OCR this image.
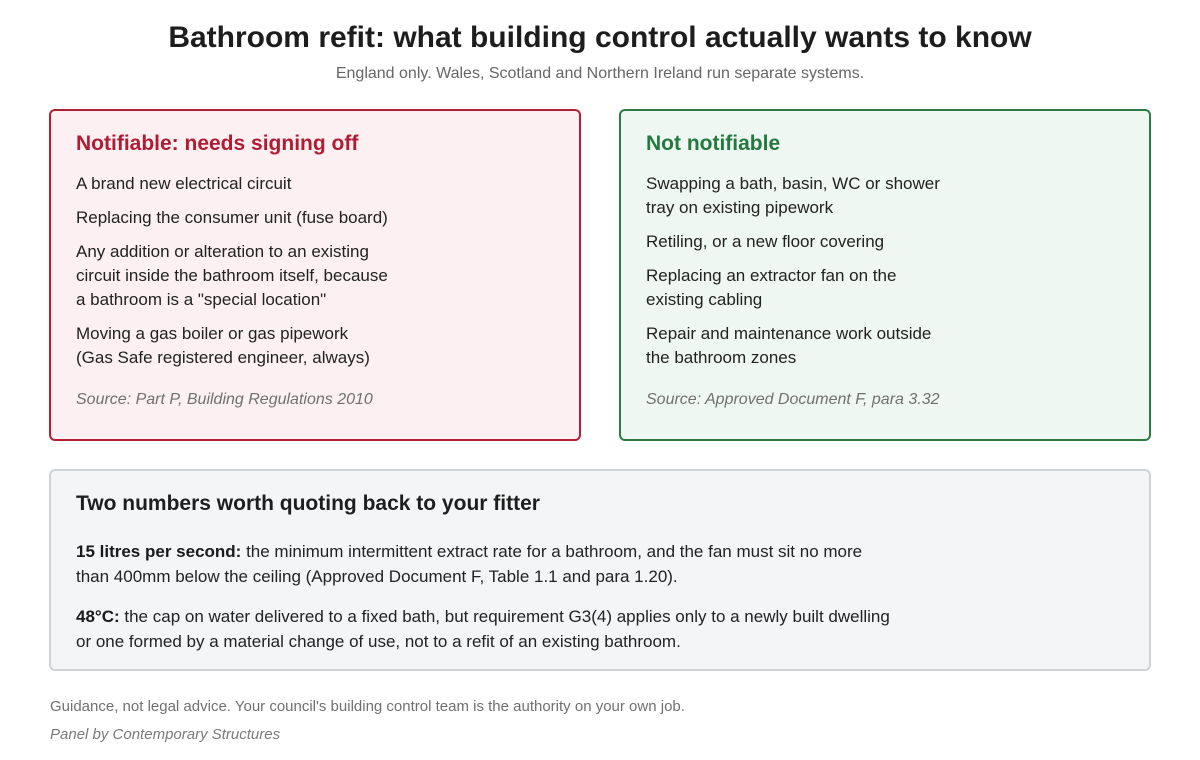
Bathroom refit: what building control actually wants to know

England only. Wales, Scotland and Northern Ireland run separate systems.

Notifiable: needs signing off
A brand new electrical circuit
Replacing the consumer unit (fuse board)
Any addition or alteration to an existing
circuit inside the bathroom itself, because
a bathroom is a "special location"
Moving a gas boiler or gas pipework
(Gas Safe registered engineer, always)

Source: Part P, Building Regulations 2010

Not notifiable
Swapping a bath, basin, WC or shower
tray on existing pipework
Retiling, or a new floor covering
Replacing an extractor fan on the
existing cabling
Repair and maintenance work outside
the bathroom zones

Source: Approved Document F, para 3.32

Two numbers worth quoting back to your fitter

15 litres per second: the minimum intermittent extract rate for a bathroom, and the fan must sit no more than 400mm below the ceiling (Approved Document F, Table 1.1 and para 1.20).

48°C: the cap on water delivered to a fixed bath, but requirement G3(4) applies only to a newly built dwelling or one formed by a material change of use, not to a refit of an existing bathroom.

Guidance, not legal advice. Your council's building control team is the authority on your own job.

Panel by Contemporary Structures
